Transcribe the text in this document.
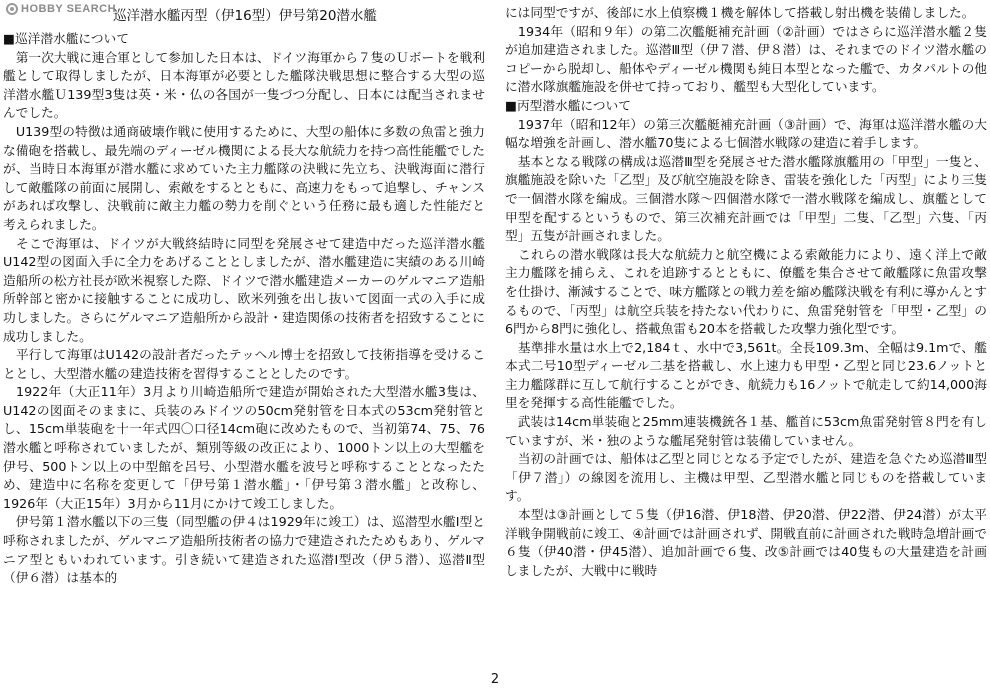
HOBBY SEARCH
巡洋潜水艦丙型（伊16型）伊号第20潜水艦

■巡洋潜水艦について

　第一次大戦に連合軍として参加した日本は、ドイツ海軍から７隻のＵボートを戦利艦として取得しましたが、日本海軍が必要とした艦隊決戦思想に整合する大型の巡洋潜水艦Ｕ139型3隻は英・米・仏の各国が一隻づつ分配し、日本には配当されませんでした。

　U139型の特徴は通商破壊作戦に使用するために、大型の船体に多数の魚雷と強力な備砲を搭載し、最先端のディーゼル機関による長大な航続力を持つ高性能艦でしたが、当時日本海軍が潜水艦に求めていた主力艦隊の決戦に先立ち、決戦海面に潜行して敵艦隊の前面に展開し、索敵をするとともに、高速力をもって追撃し、チャンスがあれば攻撃し、決戦前に敵主力艦の勢力を削ぐという任務に最も適した性能だと考えられました。

　そこで海軍は、ドイツが大戦終結時に同型を発展させて建造中だった巡洋潜水艦U142型の図面入手に全力をあげることとしましたが、潜水艦建造に実績のある川崎造船所の松方社長が欧米視察した際、ドイツで潜水艦建造メーカーのゲルマニア造船所幹部と密かに接触することに成功し、欧米列強を出し抜いて図面一式の入手に成功しました。さらにゲルマニア造船所から設計・建造関係の技術者を招致することに成功しました。

　平行して海軍はU142の設計者だったテッヘル博士を招致して技術指導を受けることとし、大型潜水艦の建造技術を習得することとしたのです。

　1922年（大正11年）3月より川崎造船所で建造が開始された大型潜水艦3隻は、U142の図面そのままに、兵装のみドイツの50cm発射管を日本式の53cm発射管とし、15cm単装砲を十一年式四〇口径14cm砲に改めたもので、当初第74、75、76潜水艦と呼称されていましたが、類別等級の改正により、1000トン以上の大型艦を伊号、500トン以上の中型館を呂号、小型潜水艦を波号と呼称することとなったため、建造中に名称を変更して「伊号第１潜水艦」・「伊号第３潜水艦」と改称し、1926年（大正15年）3月から11月にかけて竣工しました。

　伊号第１潜水艦以下の三隻（同型艦の伊４は1929年に竣工）は、巡潜型水艦Ⅰ型と呼称されましたが、ゲルマニア造船所技術者の協力で建造されたためもあり、ゲルマニア型ともいわれています。引き続いて建造された巡潜Ⅰ型改（伊５潜）、巡潜Ⅱ型（伊６潜）は基本的

には同型ですが、後部に水上偵察機１機を解体して搭載し射出機を装備しました。

　1934年（昭和９年）の第二次艦艇補充計画（②計画）ではさらに巡洋潜水艦２隻が追加建造されました。巡潜Ⅲ型（伊７潜、伊８潜）は、それまでのドイツ潜水艦のコピーから脱却し、船体やディーゼル機関も純日本型となった艦で、カタパルトの他に潜水隊旗艦施設を併せて持っており、艦型も大型化しています。

■丙型潜水艦について

　1937年（昭和12年）の第三次艦艇補充計画（③計画）で、海軍は巡洋潜水艦の大幅な増強を計画し、潜水艦70隻による七個潜水戦隊の建造に着手します。

　基本となる戦隊の構成は巡潜Ⅲ型を発展させた潜水艦隊旗艦用の「甲型」一隻と、旗艦施設を除いた「乙型」及び航空施設を除き、雷装を強化した「丙型」により三隻で一個潜水隊を編成。三個潜水隊～四個潜水隊で一潜水戦隊を編成し、旗艦として甲型を配するというもので、第三次補充計画では「甲型」二隻、「乙型」六隻、「丙型」五隻が計画されました。

　これらの潜水戦隊は長大な航続力と航空機による索敵能力により、遠く洋上で敵主力艦隊を捕らえ、これを追跡するとともに、僚艦を集合させて敵艦隊に魚雷攻撃を仕掛け、漸減することで、味方艦隊との戦力差を縮め艦隊決戦を有利に導かんとするもので、「丙型」は航空兵装を持たない代わりに、魚雷発射管を「甲型・乙型」の6門から8門に強化し、搭載魚雷も20本を搭載した攻撃力強化型です。

　基準排水量は水上で2,184ｔ、水中で3,561t。全長109.3m、全幅は9.1mで、艦本式二号10型ディーゼル二基を搭載し、水上速力も甲型・乙型と同じ23.6ノットと主力艦隊群に互して航行することができ、航続力も16ノットで航走して約14,000海里を発揮する高性能艦でした。

　武装は14cm単装砲と25mm連装機銃各１基、艦首に53cm魚雷発射管８門を有していますが、米・独のような艦尾発射管は装備していません。

　当初の計画では、船体は乙型と同じとなる予定でしたが、建造を急ぐため巡潜Ⅲ型「伊７潜」）の線図を流用し、主機は甲型、乙型潜水艦と同じものを搭載しています。

　本型は③計画として５隻（伊16潜、伊18潜、伊20潜、伊22潜、伊24潜）が太平洋戦争開戦前に竣工、④計画では計画されず、開戦直前に計画された戦時急増計画で６隻（伊40潜・伊45潜）、追加計画で６隻、改⑤計画では40隻もの大量建造を計画しましたが、大戦中に戦時

2
